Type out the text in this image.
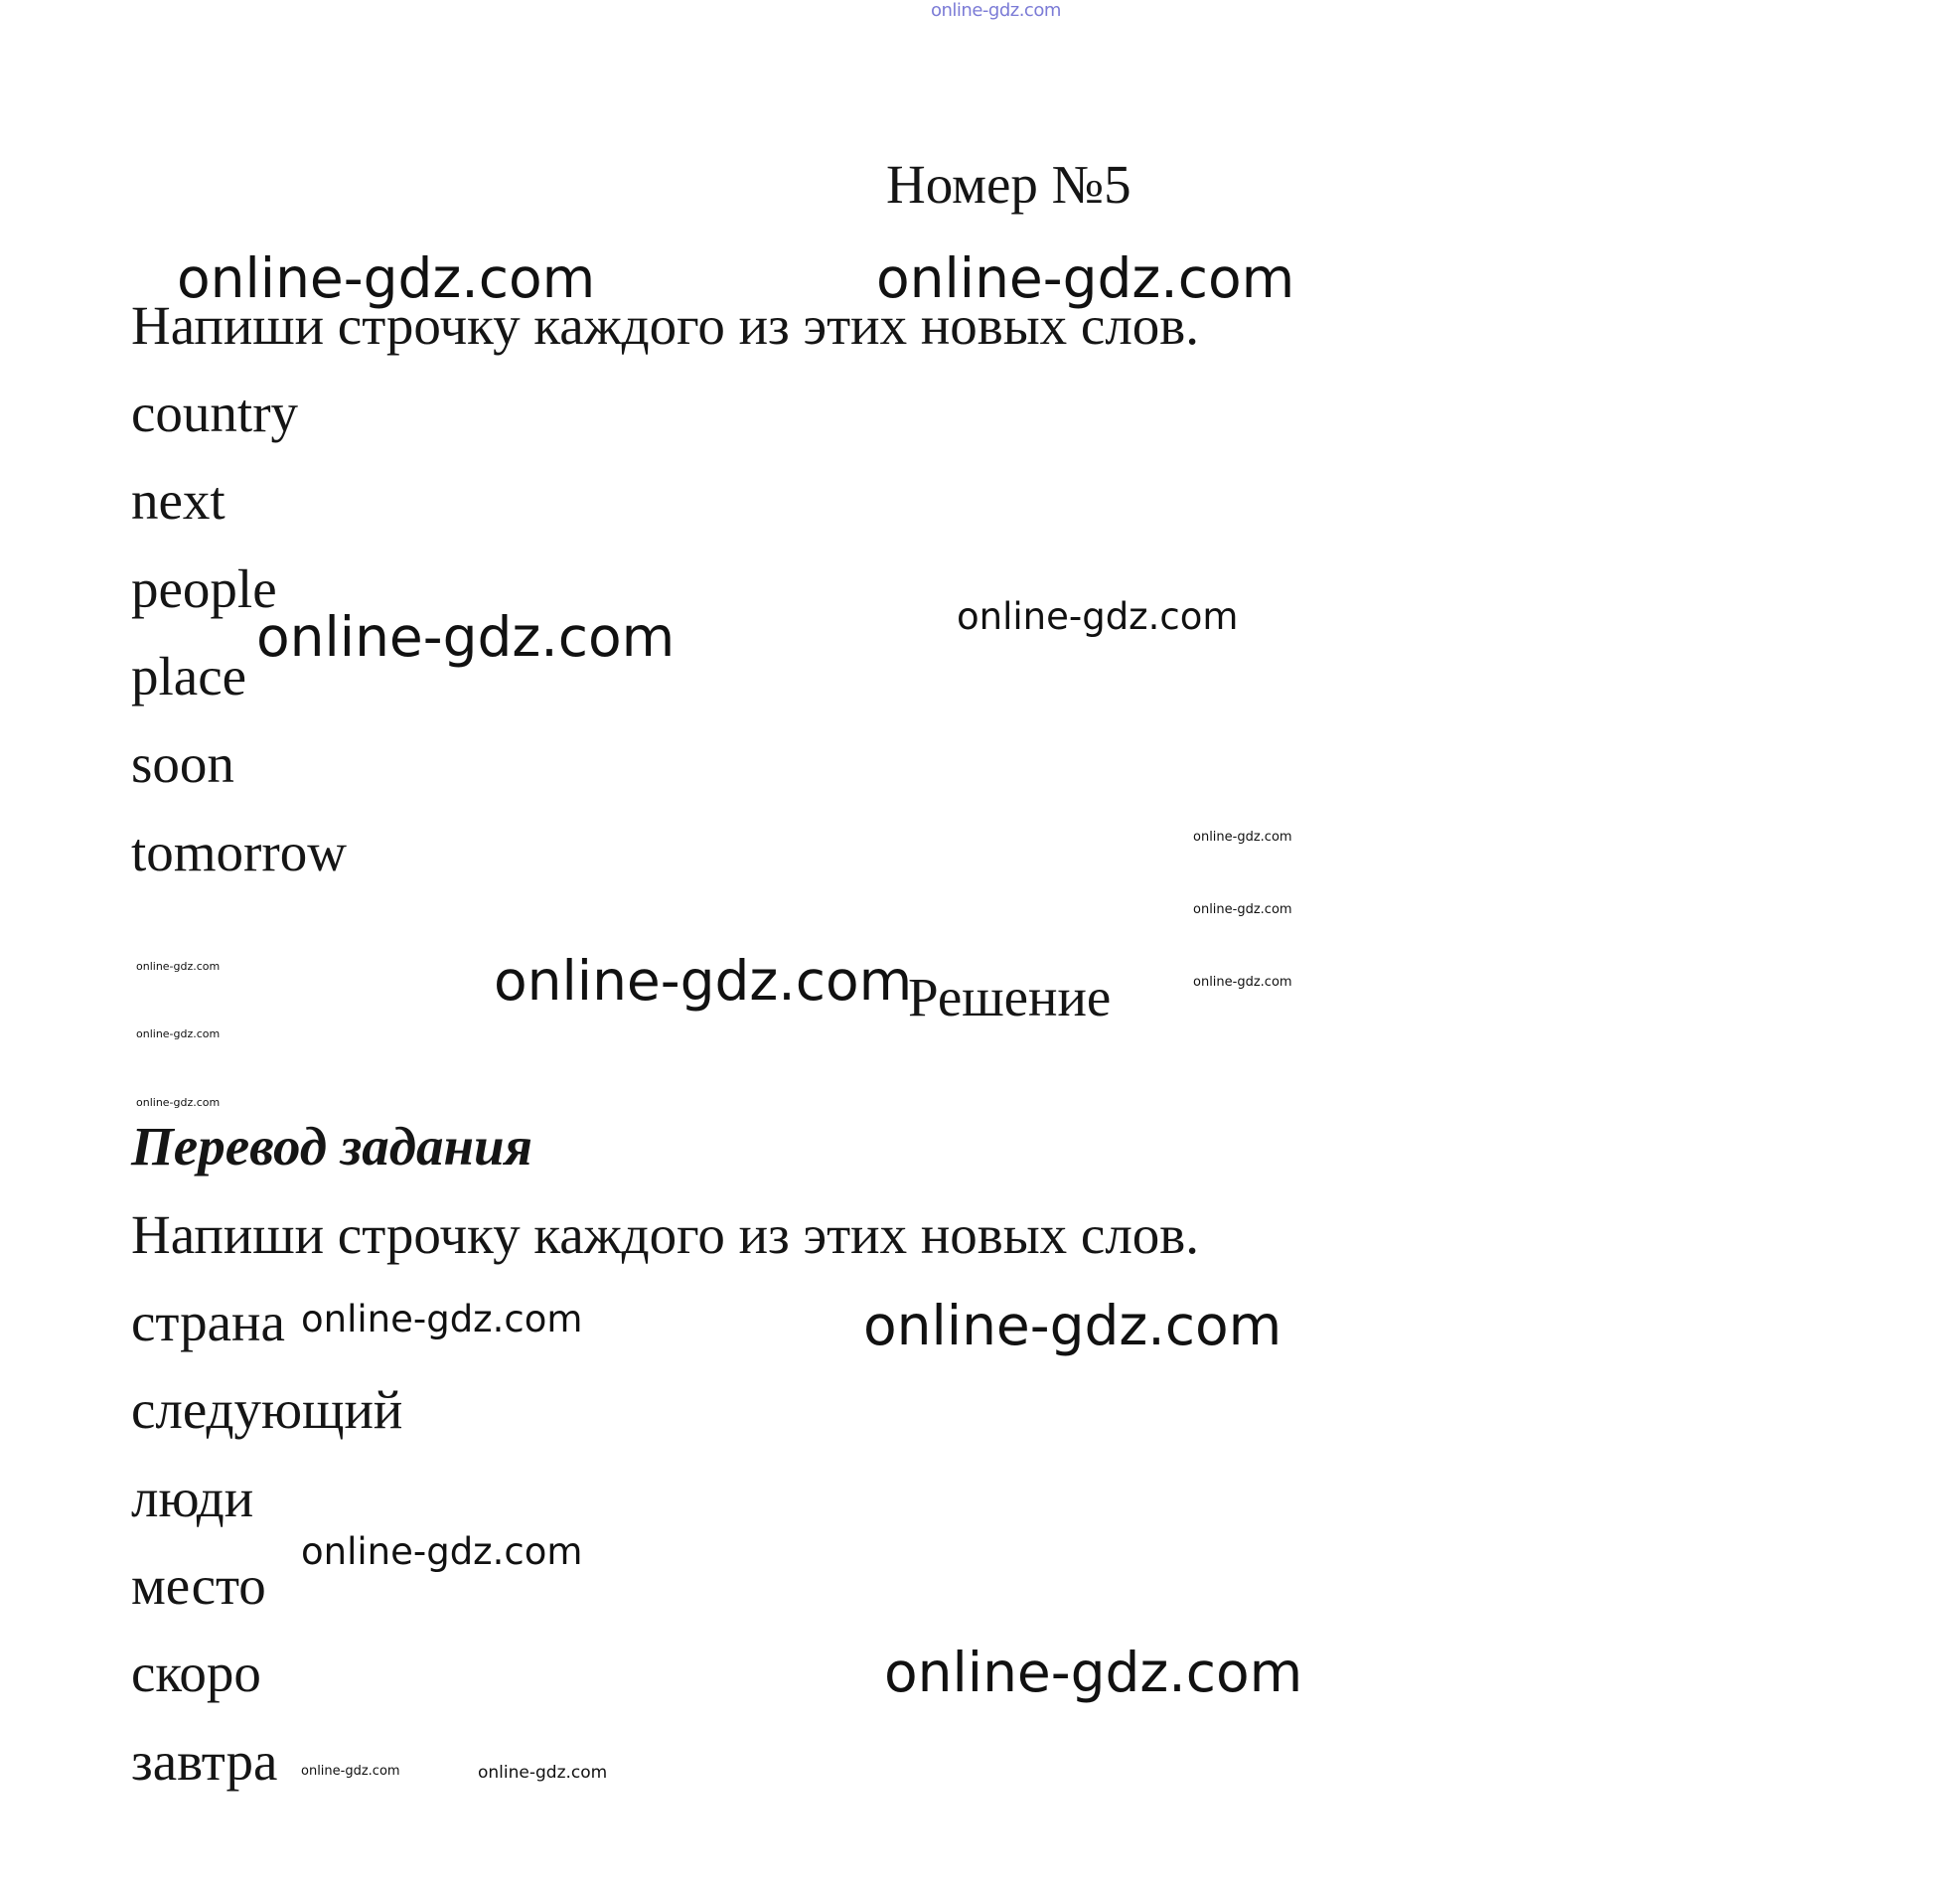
online-gdz.com
Номер №5
online-gdz.com	online-gdz.com
Напиши строчку каждого из этих новых слов.
country
next
people
online-gdz.com	online-gdz.com
place
soon
tomorrow	online-gdz.com
online-gdz.com
online-gdz.com
online-gdz.com
online-gdz.com
online-gdz.com
online-gdz.com
Решение
Перевод задания
Напиши строчку каждого из этих новых слов.
страна online-gdz.com	online-gdz.com
следующий
люди
online-gdz.com
место
скоро	online-gdz.com
завтра online-gdz.com	online-gdz.com
